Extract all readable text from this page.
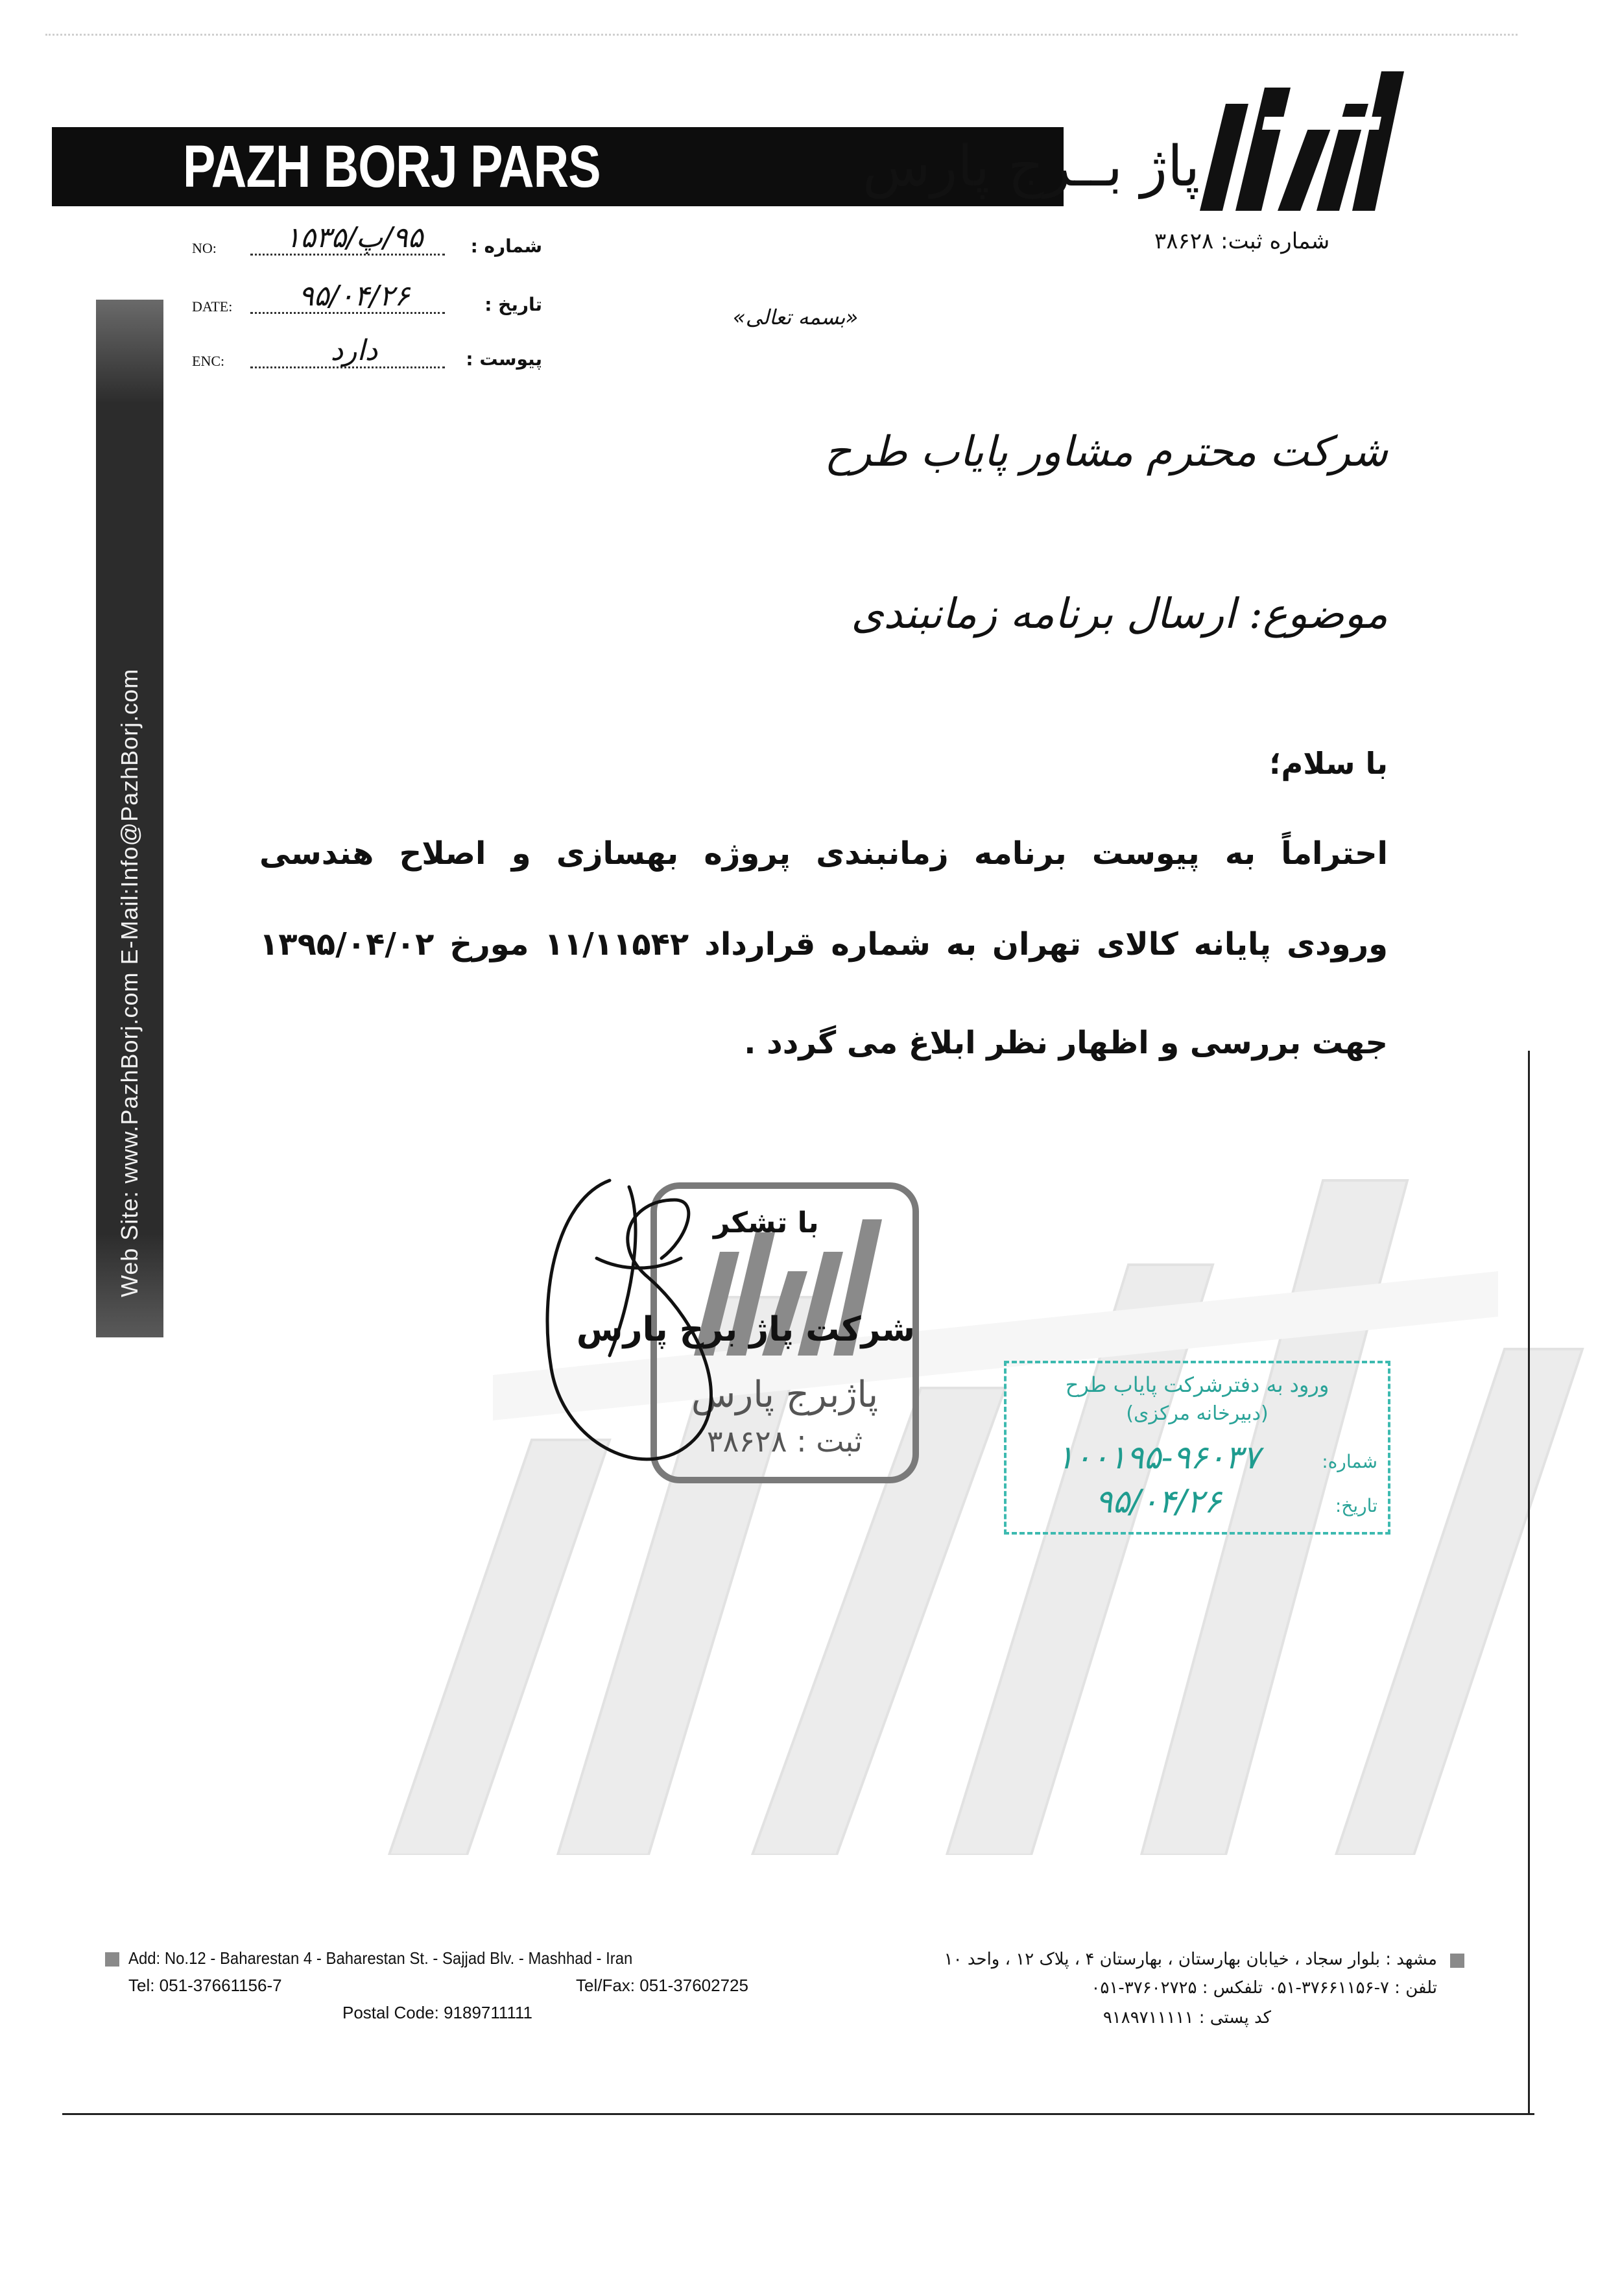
PAZH BORJ PARS	پاژ بــرج پارس
شماره ثبت: ۳۸۶۲۸
NO:	۹۵/پ/۱۵۳۵	شماره :
DATE:	۹۵/۰۴/۲۶	تاریخ :
ENC:	دارد	پیوست :
Web Site: www.PazhBorj.com E-Mail:Info@PazhBorj.com
«بسمه تعالی»
شرکت محترم مشاور پایاب طرح
موضوع: ارسال برنامه زمانبندی
با سلام؛
احتراماً به پیوست برنامه زمانبندی پروژه بهسازی و اصلاح هندسی
ورودی پایانه کالای تهران به شماره قرارداد ۱۱/۱۱۵۴۲ مورخ ۱۳۹۵/۰۴/۰۲
جهت بررسی و اظهار نظر ابلاغ می گردد .
پاژبرج پارس
ثبت : ۳۸۶۲۸
با تشکر
شرکت پاژ برج پارس
ورود به دفترشرکت پایاب طرح
(دبیرخانه مرکزی)
شماره:
۱۰۰۱۹۵-۹۶۰۳۷
تاریخ:
۹۵/۰۴/۲۶
Add: No.12 - Baharestan 4 - Baharestan St. - Sajjad Blv. - Mashhad - Iran
Tel: 051-37661156-7	Tel/Fax: 051-37602725
Postal Code: 9189711111
مشهد : بلوار سجاد ، خیابان بهارستان ، بهارستان ۴ ، پلاک ۱۲ ، واحد ۱۰
تلفن : ۷-۳۷۶۶۱۱۵۶-۰۵۱ تلفکس : ۳۷۶۰۲۷۲۵-۰۵۱
کد پستی : ۹۱۸۹۷۱۱۱۱۱
